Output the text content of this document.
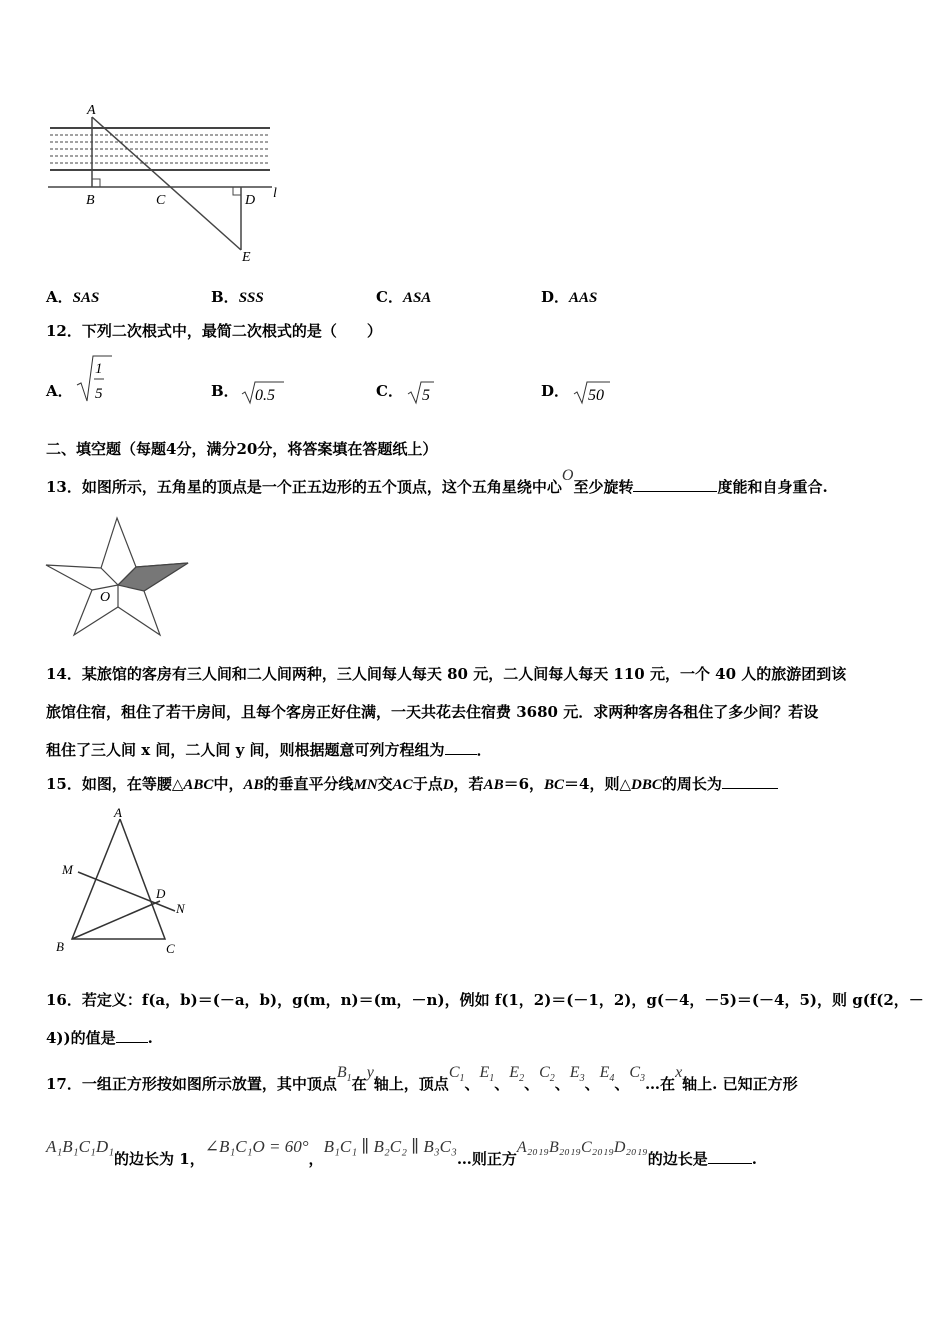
A
B	C	D l
E
A．SAS	B．SSS	C．ASA	D．AAS
12．下列二次根式中，最简二次根式的是（　　）
A．
1
5	B． 0.5	C． 5	D． 50
二、填空题（每题4分，满分20分，将答案填在答题纸上）
13．如图所示，五角星的顶点是一个正五边形的五个顶点，这个五角星绕中心O至少旋转	度能和自身重合.
O
14．某旅馆的客房有三人间和二人间两种，三人间每人每天 80 元，二人间每人每天 110 元，一个 40 人的旅游团到该
旅馆住宿，租住了若干房间，且每个客房正好住满，一天共花去住宿费 3680 元．求两种客房各租住了多少间？若设
租住了三人间 x 间，二人间 y 间，则根据题意可列方程组为 ．
15．如图，在等腰△ABC中，AB的垂直平分线MN交AC于点D，若AB＝6，BC＝4，则△DBC的周长为
A
M
D
N
B	C
16．若定义：f(a，b)＝(－a，b)，g(m，n)＝(m，－n)，例如 f(1，2)＝(－1，2)，g(－4，－5)＝(－4，5)，则 g(f(2，－
4))的值是 .
17．一组正方形按如图所示放置，其中顶点$B_1$在y轴上，顶点$C_1$、$E_1$、$E_2$、$C_2$、$E_3$、$E_4$、$C_3\dots$在x轴上. 已知正方形
A₁B₁C₁D₁的边长为 1，∠B₁C₁O = 60°，B₁C₁ ∥ B₂C₂ ∥ B₃C₃…则正方A₂₀₁₉B₂₀₁₉C₂₀₁₉D₂₀₁₉的边长是	.
